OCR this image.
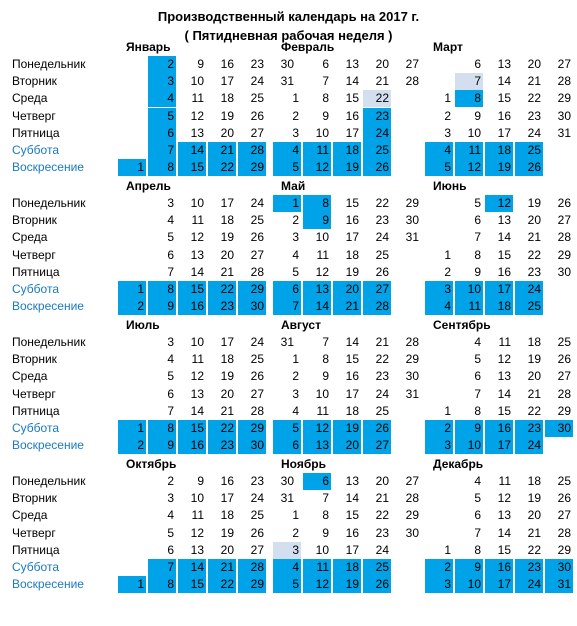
Производственный календарь на 2017 г.
( Пятидневная рабочая неделя )
Понедельник
Вторник
Среда
Четверг
Пятница
Суббота
Воскресение
Понедельник
Вторник
Среда
Четверг
Пятница
Суббота
Воскресение
Понедельник
Вторник
Среда
Четверг
Пятница
Суббота
Воскресение
Понедельник
Вторник
Среда
Четверг
Пятница
Суббота
Воскресение
Январь
1
2
3
4
5
6
7
8
9
10
11
12
13
14
15
16
17
18
19
20
21
22
23
24
25
26
27
28
29
30
31
Февраль
1
2
3
4
5
6
7
8
9
10
11
12
13
14
15
16
17
18
19
20
21
22
23
24
25
26
27
28
Март
1
2
3
4
5
6
7
8
9
10
11
12
13
14
15
16
17
18
19
20
21
22
23
24
25
26
27
28
29
30
31
Апрель
1
2
3
4
5
6
7
8
9
10
11
12
13
14
15
16
17
18
19
20
21
22
23
24
25
26
27
28
29
30
Май
1
2
3
4
5
6
7
8
9
10
11
12
13
14
15
16
17
18
19
20
21
22
23
24
25
26
27
28
29
30
31
Июнь
1
2
3
4
5
6
7
8
9
10
11
12
13
14
15
16
17
18
19
20
21
22
23
24
25
26
27
28
29
30
Июль
1
2
3
4
5
6
7
8
9
10
11
12
13
14
15
16
17
18
19
20
21
22
23
24
25
26
27
28
29
30
31
Август
1
2
3
4
5
6
7
8
9
10
11
12
13
14
15
16
17
18
19
20
21
22
23
24
25
26
27
28
29
30
31
Сентябрь
1
2
3
4
5
6
7
8
9
10
11
12
13
14
15
16
17
18
19
20
21
22
23
24
25
26
27
28
29
30
Октябрь
1
2
3
4
5
6
7
8
9
10
11
12
13
14
15
16
17
18
19
20
21
22
23
24
25
26
27
28
29
30
31
Ноябрь
1
2
3
4
5
6
7
8
9
10
11
12
13
14
15
16
17
18
19
20
21
22
23
24
25
26
27
28
29
30
Декабрь
1
2
3
4
5
6
7
8
9
10
11
12
13
14
15
16
17
18
19
20
21
22
23
24
25
26
27
28
29
30
31
